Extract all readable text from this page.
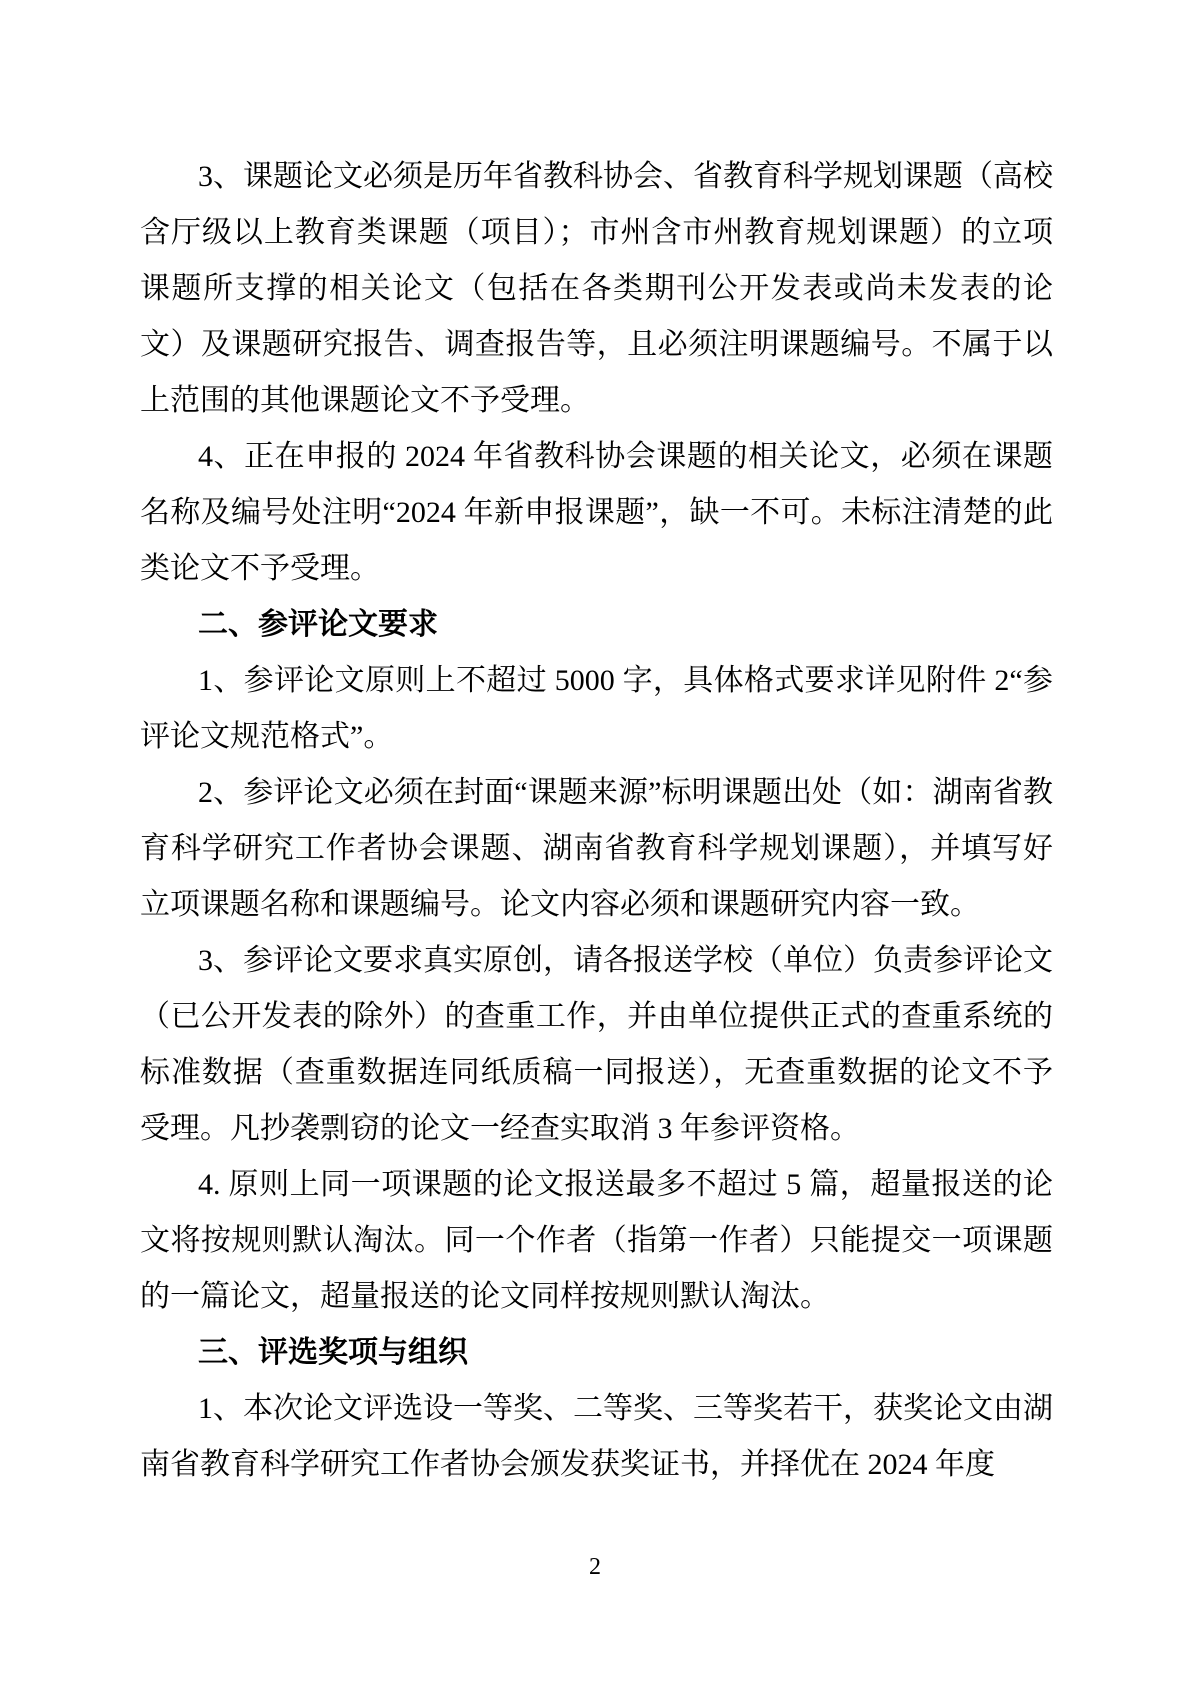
3、课题论文必须是历年省教科协会、省教育科学规划课题（高校含厅级以上教育类课题（项目）；市州含市州教育规划课题）的立项课题所支撑的相关论文（包括在各类期刊公开发表或尚未发表的论文）及课题研究报告、调查报告等，且必须注明课题编号。不属于以上范围的其他课题论文不予受理。

4、正在申报的 2024 年省教科协会课题的相关论文，必须在课题名称及编号处注明“2024 年新申报课题”，缺一不可。未标注清楚的此类论文不予受理。

二、参评论文要求

1、参评论文原则上不超过 5000 字，具体格式要求详见附件 2“参评论文规范格式”。

2、参评论文必须在封面“课题来源”标明课题出处（如：湖南省教育科学研究工作者协会课题、湖南省教育科学规划课题），并填写好立项课题名称和课题编号。论文内容必须和课题研究内容一致。

3、参评论文要求真实原创，请各报送学校（单位）负责参评论文（已公开发表的除外）的查重工作，并由单位提供正式的查重系统的标准数据（查重数据连同纸质稿一同报送），无查重数据的论文不予受理。凡抄袭剽窃的论文一经查实取消 3 年参评资格。

4. 原则上同一项课题的论文报送最多不超过 5 篇，超量报送的论文将按规则默认淘汰。同一个作者（指第一作者）只能提交一项课题的一篇论文，超量报送的论文同样按规则默认淘汰。

三、评选奖项与组织

1、本次论文评选设一等奖、二等奖、三等奖若干，获奖论文由湖南省教育科学研究工作者协会颁发获奖证书，并择优在 2024 年度

2
